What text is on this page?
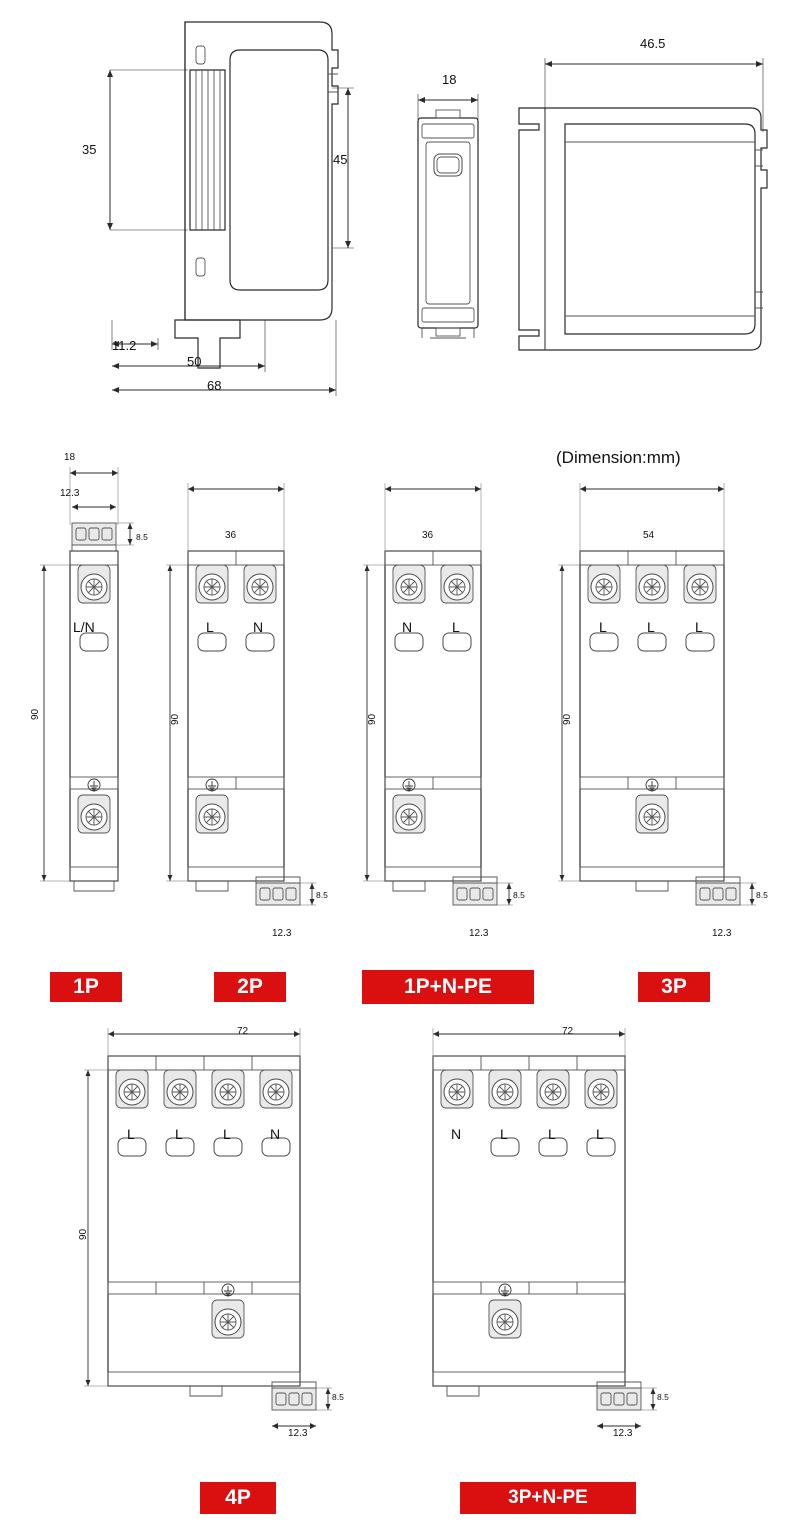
35
45
11.2
50
68
18
46.5
(Dimension:mm)
18
12.3
8.5
90
L/N
1P
36
90
8.5
12.3
L	N
2P
36
90
8.5
12.3
N	L
1P+N-PE
54
90
8.5
12.3
L	L	L
3P
72
90
8.5
12.3
L	L	L	N
4P
72
8.5
12.3
N	L	L	L
3P+N-PE
